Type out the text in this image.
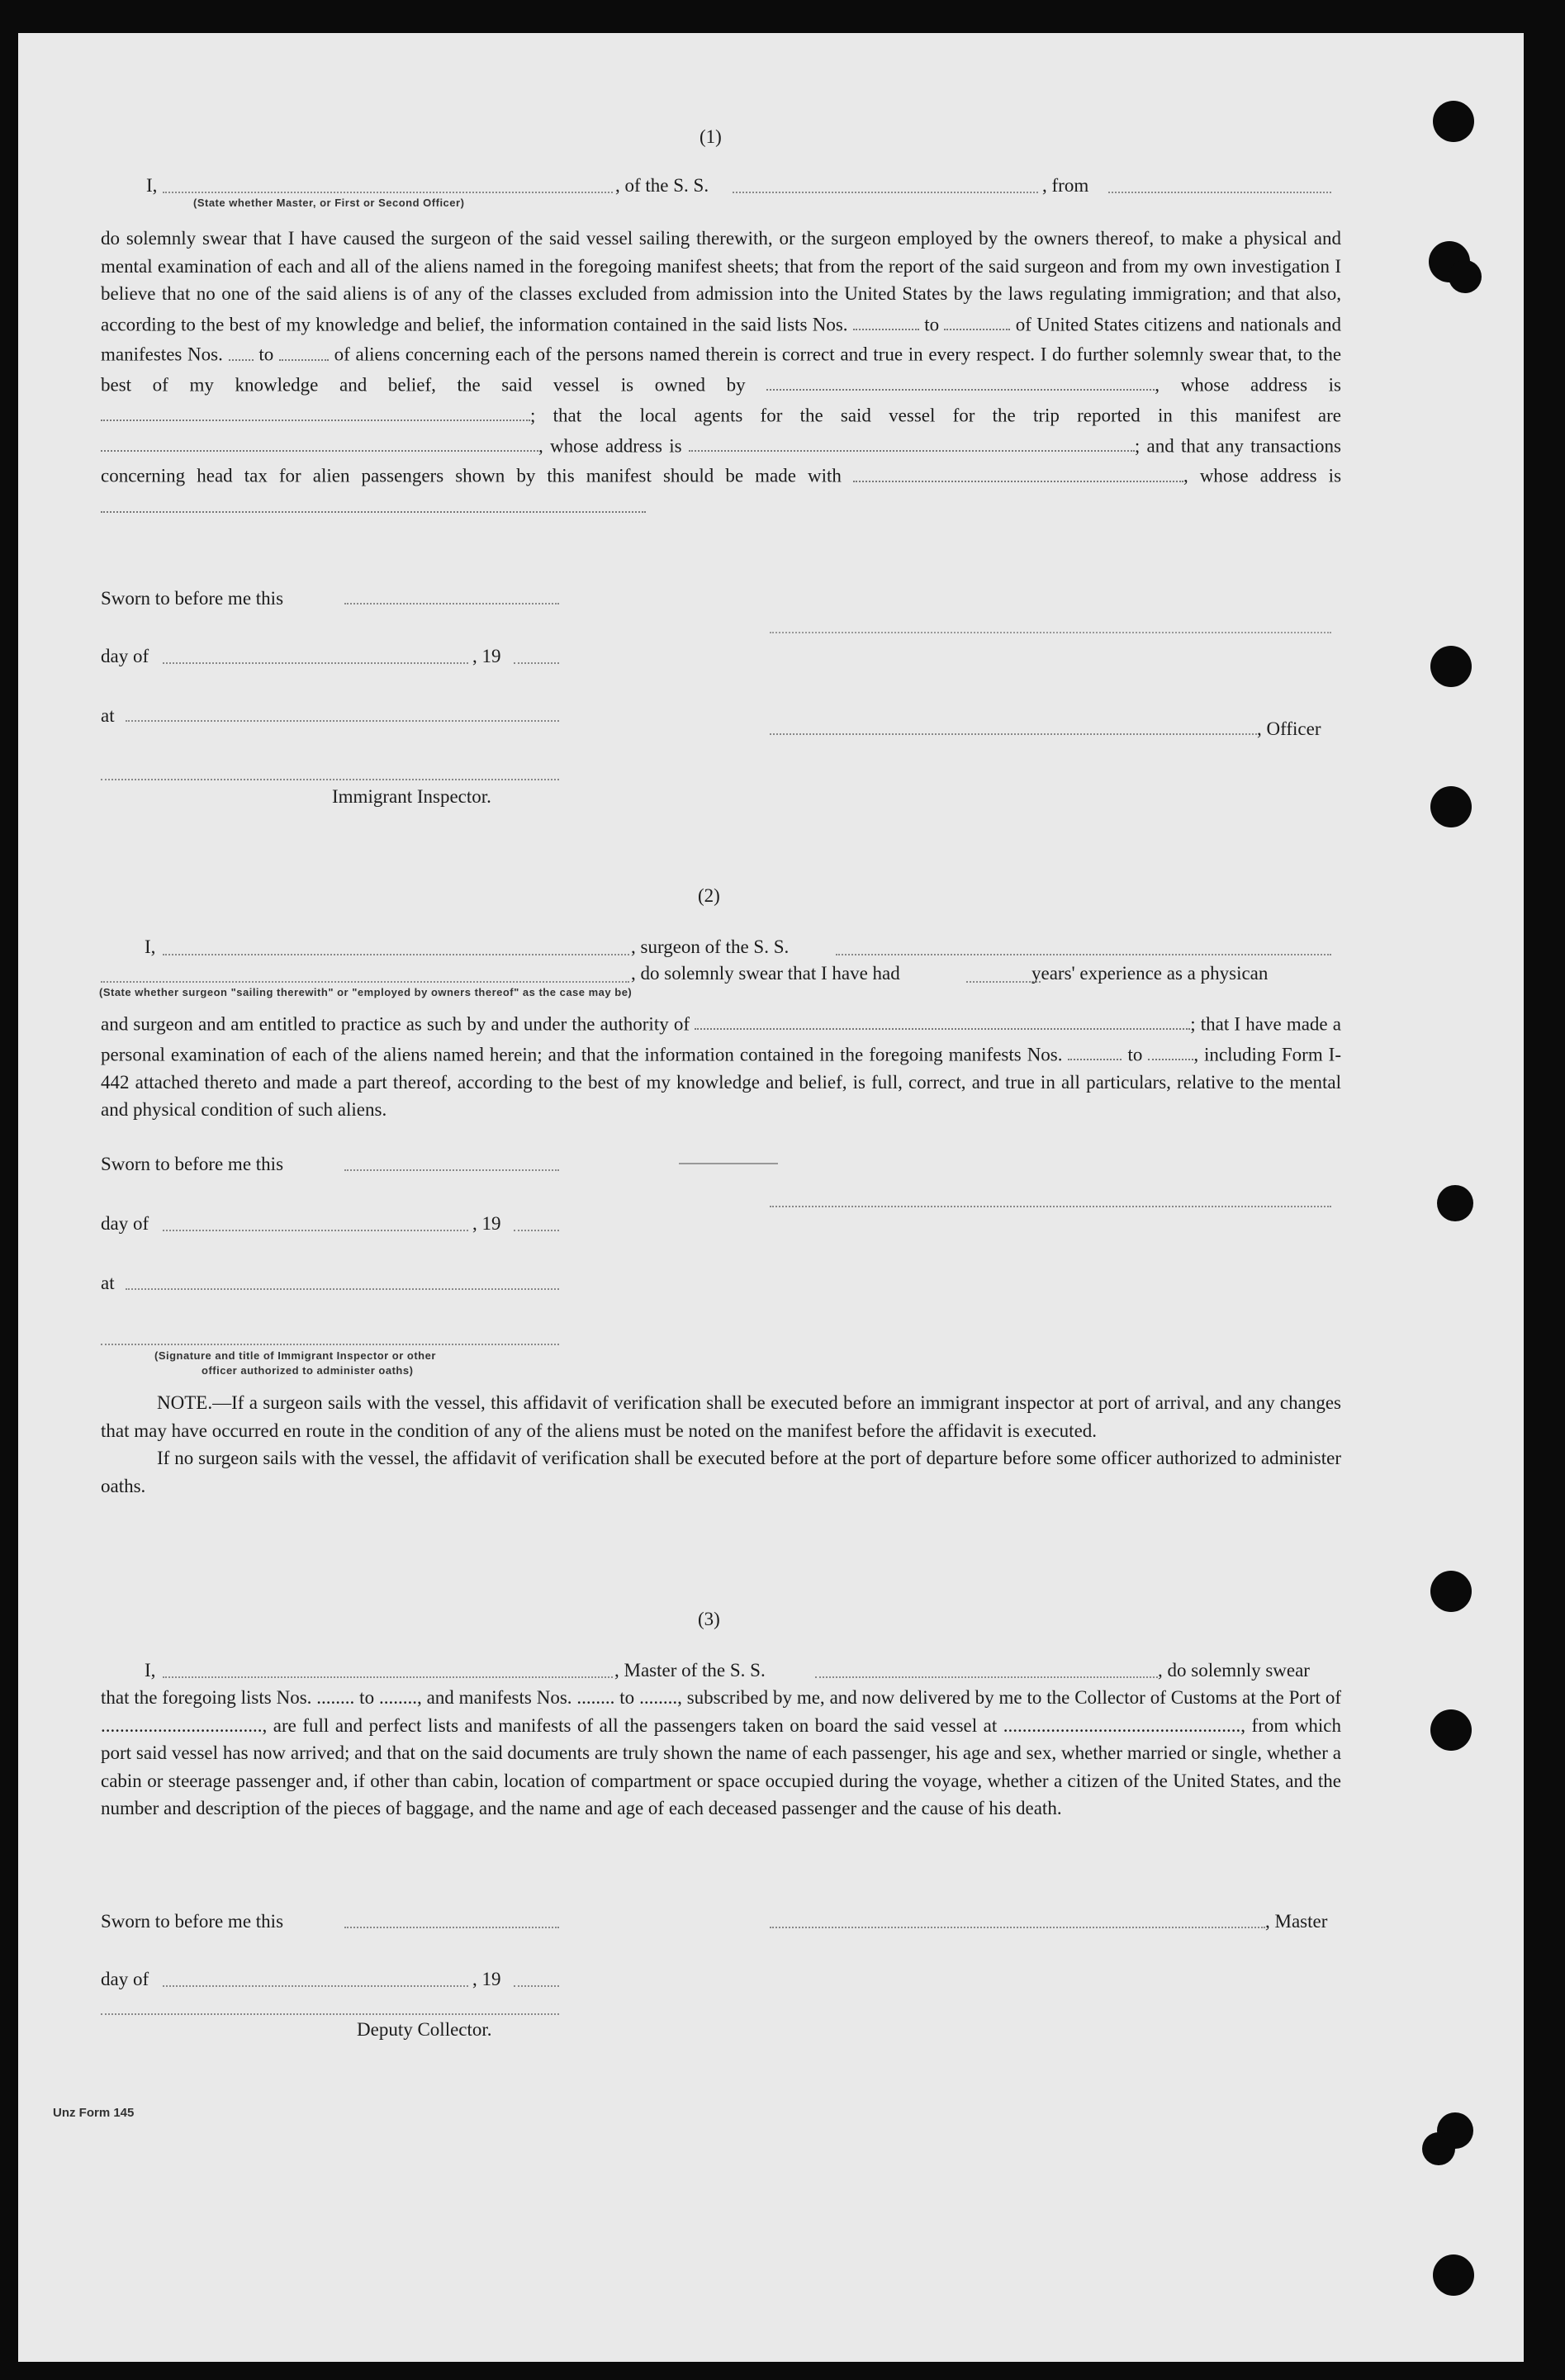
(1)
I,	, of the S. S.	, from
(State whether Master, or First or Second Officer)

do solemnly swear that I have caused the surgeon of the said vessel sailing therewith, or the surgeon employed by the owners thereof, to make a physical and mental examination of each and all of the aliens named in the foregoing manifest sheets; that from the report of the said surgeon and from my own investigation I believe that no one of the said aliens is of any of the classes excluded from admission into the United States by the laws regulating immigration; and that also, according to the best of my knowledge and belief, the information contained in the said lists Nos.	to	of United States citizens and nationals and manifestes Nos. to	of aliens concerning each of the persons named therein is correct and true in every respect. I do further solemnly swear that, to the best of my knowledge and belief, the said vessel is owned by	, whose address is ; that the local agents for the said vessel for the trip reported in this manifest are , whose address is	; and that any transactions concerning head tax for alien passengers shown by this manifest should be made with	, whose address is

Sworn to before me this
day of	, 19
at
, Officer
Immigrant Inspector.
(2)
I,	, surgeon of the S. S.
, do solemnly swear that I have had	years' experience as a physican
(State whether surgeon "sailing therewith" or "employed by owners thereof" as the case may be)

and surgeon and am entitled to practice as such by and under the authority of	; that I have made a personal examination of each of the aliens named herein; and that the information contained in the foregoing manifests Nos.	to	, including Form I-442 attached thereto and made a part thereof, according to the best of my knowledge and belief, is full, correct, and true in all particulars, relative to the mental and physical condition of such aliens.

Sworn to before me this
day of	, 19
at
(Signature and title of Immigrant Inspector or other
officer authorized to administer oaths)

NOTE.—If a surgeon sails with the vessel, this affidavit of verification shall be executed before an immigrant inspector at port of arrival, and any changes that may have occurred en route in the condition of any of the aliens must be noted on the manifest before the affidavit is executed.

If no surgeon sails with the vessel, the affidavit of verification shall be executed before at the port of departure before some officer authorized to administer oaths.

(3)
I,	, Master of the S. S.	, do solemnly swear

that the foregoing lists Nos. ........ to ........, and manifests Nos. ........ to ........, subscribed by me, and now delivered by me to the Collector of Customs at the Port of .................................., are full and perfect lists and manifests of all the passengers taken on board the said vessel at .................................................., from which port said vessel has now arrived; and that on the said documents are truly shown the name of each passenger, his age and sex, whether married or single, whether a cabin or steerage passenger and, if other than cabin, location of compartment or space occupied during the voyage, whether a citizen of the United States, and the number and description of the pieces of baggage, and the name and age of each deceased passenger and the cause of his death.

Sworn to before me this	, Master
day of	, 19
Deputy Collector.
Unz Form 145
